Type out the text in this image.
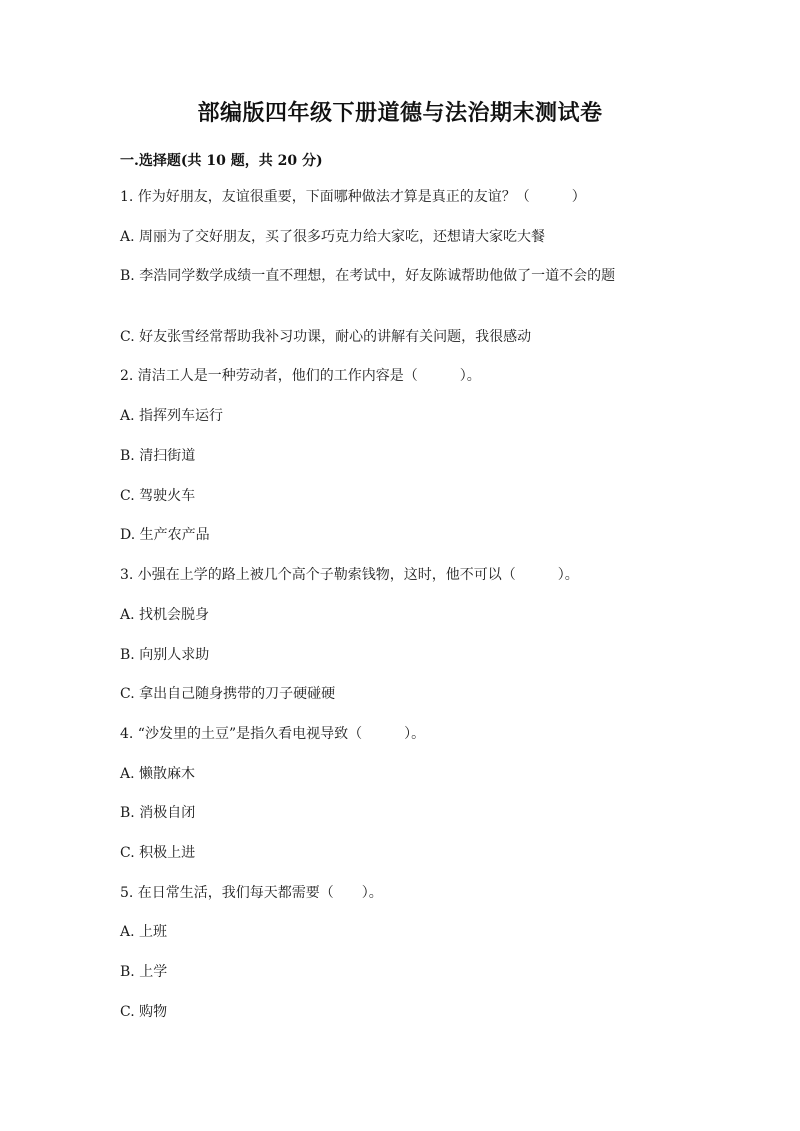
部编版四年级下册道德与法治期末测试卷
一.选择题(共 10 题，共 20 分)
1. 作为好朋友，友谊很重要，下面哪种做法才算是真正的友谊？（　　　）
A. 周丽为了交好朋友，买了很多巧克力给大家吃，还想请大家吃大餐
B. 李浩同学数学成绩一直不理想，在考试中，好友陈诚帮助他做了一道不会的题
C. 好友张雪经常帮助我补习功课，耐心的讲解有关问题，我很感动
2. 清洁工人是一种劳动者，他们的工作内容是（　　　）。
A. 指挥列车运行
B. 清扫街道
C. 驾驶火车
D. 生产农产品
3. 小强在上学的路上被几个高个子勒索钱物，这时，他不可以（　　　）。
A. 找机会脱身
B. 向别人求助
C. 拿出自己随身携带的刀子硬碰硬
4. “沙发里的土豆”是指久看电视导致（　　　）。
A. 懒散麻木
B. 消极自闭
C. 积极上进
5. 在日常生活，我们每天都需要（　　）。
A. 上班
B. 上学
C. 购物
